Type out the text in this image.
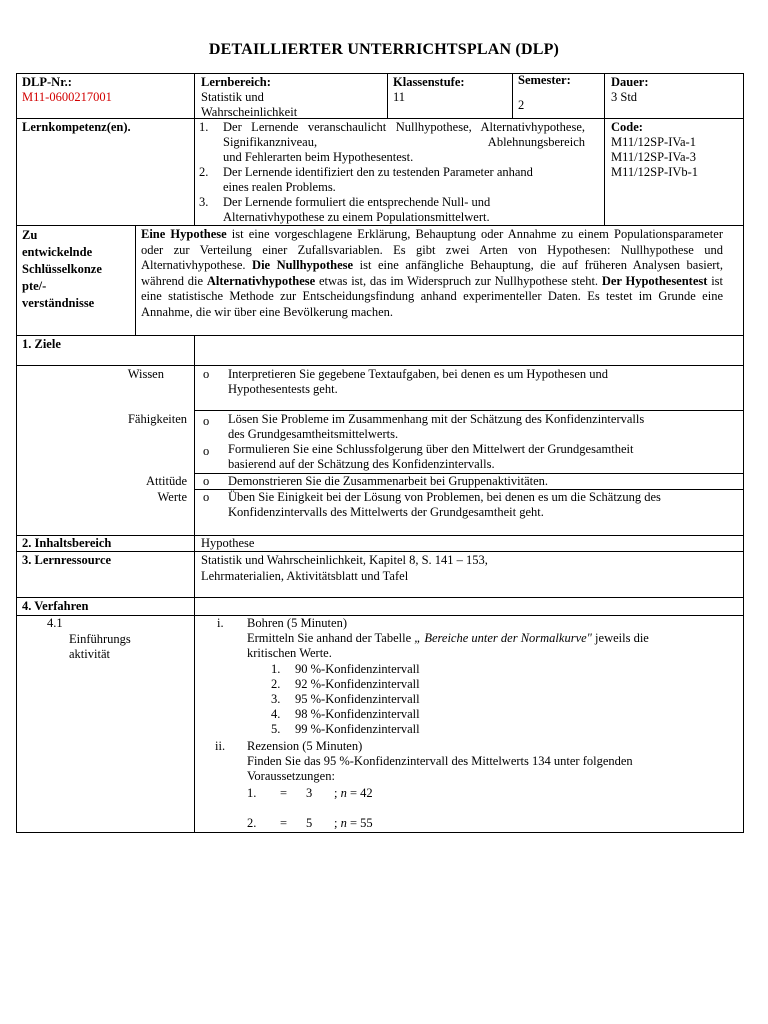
DETAILLIERTER UNTERRICHTSPLAN (DLP)
DLP-Nr.:
M11-0600217001
Lernbereich:
Statistik und
Wahrscheinlichkeit
Klassenstufe:
11
Semester:
2
Dauer:
3 Std
Lernkompetenz(en).	1.	Der Lernende veranschaulicht Nullhypothese, Alternativhypothese, Signifikanzniveau, Ablehnungsbereich
und Fehlerarten beim Hypothesentest.
2.	Der Lernende identifiziert den zu testenden Parameter anhand
eines realen Problems.
3.	Der Lernende formuliert die entsprechende Null- und
Alternativhypothese zu einem Populationsmittelwert.
Code:
M11/12SP-IVa-1
M11/12SP-IVa-3
M11/12SP-IVb-1
Zu
entwickelnde
Schlüsselkonze
pte/-
verständnisse
Eine Hypothese ist eine vorgeschlagene Erklärung, Behauptung oder Annahme zu einem Populationsparameter oder zur Verteilung einer Zufallsvariablen. Es gibt zwei Arten von Hypothesen: Nullhypothese und Alternativhypothese. Die Nullhypothese ist eine anfängliche Behauptung, die auf früheren Analysen basiert, während die Alternativhypothese etwas ist, das im Widerspruch zur Nullhypothese steht. Der Hypothesentest ist eine statistische Methode zur Entscheidungsfindung anhand experimenteller Daten. Es testet im Grunde eine Annahme, die wir über eine Bevölkerung machen.
1. Ziele
Wissen	o Interpretieren Sie gegebene Textaufgaben, bei denen es um Hypothesen und
Hypothesentests geht.
Fähigkeiten o Lösen Sie Probleme im Zusammenhang mit der Schätzung des Konfidenzintervalls
des Grundgesamtheitsmittelwerts.
o Formulieren Sie eine Schlussfolgerung über den Mittelwert der Grundgesamtheit
basierend auf der Schätzung des Konfidenzintervalls.
Attitüde o Demonstrieren Sie die Zusammenarbeit bei Gruppenaktivitäten.
Werte o Üben Sie Einigkeit bei der Lösung von Problemen, bei denen es um die Schätzung des
Konfidenzintervalls des Mittelwerts der Grundgesamtheit geht.
2. Inhaltsbereich	Hypothese
3. Lernressource	Statistik und Wahrscheinlichkeit, Kapitel 8, S. 141 – 153,
Lehrmaterialien, Aktivitätsblatt und Tafel
4. Verfahren
4.1
Einführungs
aktivität
i. Bohren (5 Minuten)
Ermitteln Sie anhand der Tabelle „ Bereiche unter der Normalkurve" jeweils die
kritischen Werte.
1. 90 %-Konfidenzintervall
2. 92 %-Konfidenzintervall
3. 95 %-Konfidenzintervall
4. 98 %-Konfidenzintervall
5. 99 %-Konfidenzintervall
ii. Rezension (5 Minuten)
Finden Sie das 95 %-Konfidenzintervall des Mittelwerts 134 unter folgenden
Voraussetzungen:
1. = 3 ; n = 42
2. = 5 ; n = 55
